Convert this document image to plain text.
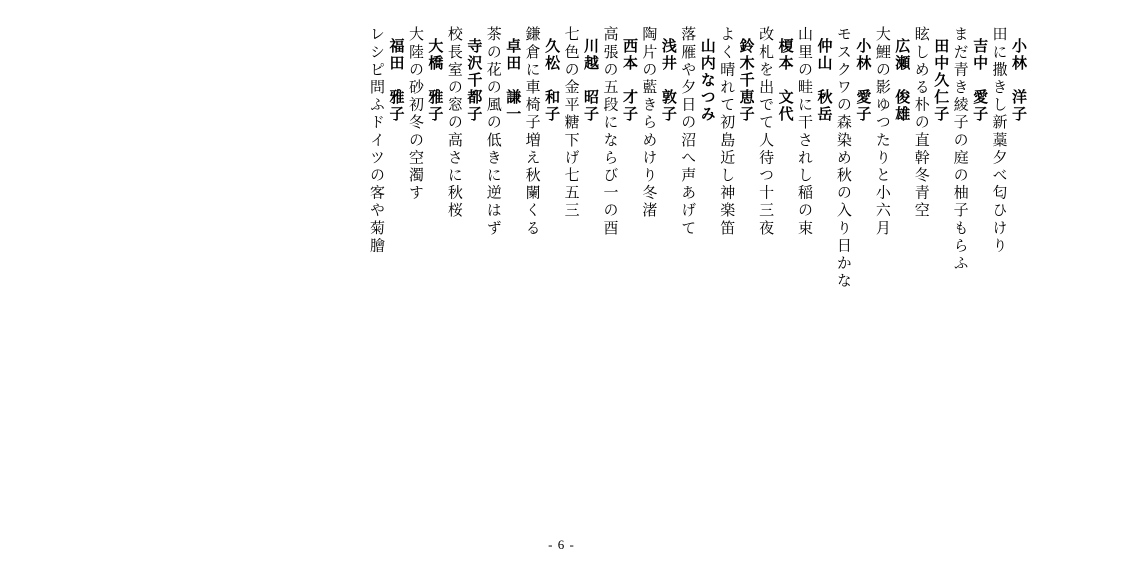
小林　洋子
田に撒きし新藁夕べ匂ひけり
吉中　愛子
まだ青き綾子の庭の柚子もらふ
田中久仁子
眩しめる朴の直幹冬青空
広瀬　俊雄
大鯉の影ゆつたりと小六月
小林　愛子
モスクワの森染め秋の入り日かな
仲山　秋岳
山里の畦に干されし稲の束
榎本　文代
改札を出でて人待つ十三夜
鈴木千恵子
よく晴れて初島近し神楽笛
山内なつみ
落雁や夕日の沼へ声あげて
浅井　敦子
陶片の藍きらめけり冬渚
西本　才子
高張の五段にならび一の酉
川越　昭子
七色の金平糖下げ七五三
久松　和子
鎌倉に車椅子増え秋闌くる
卓田　謙一
茶の花の風の低きに逆はず
寺沢千都子
校長室の窓の高さに秋桜
大橋　雅子
大陸の砂初冬の空濁す
福田　雅子
レシピ問ふドイツの客や菊膾
- 6 -
